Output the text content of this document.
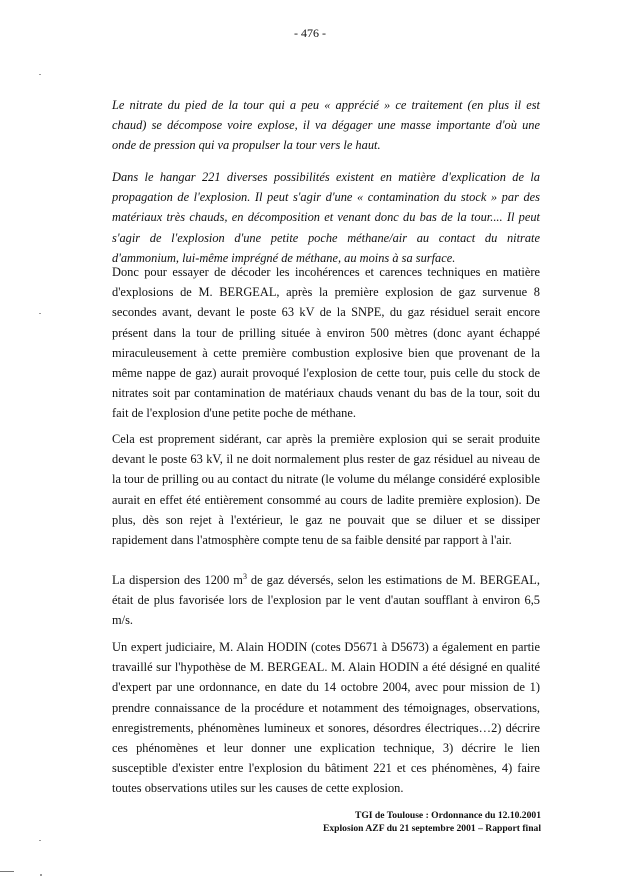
- 476 -

Le nitrate du pied de la tour qui a peu « apprécié » ce traitement (en plus il est chaud) se décompose voire explose, il va dégager une masse importante d'où une onde de pression qui va propulser la tour vers le haut.

Dans le hangar 221 diverses possibilités existent en matière d'explication de la propagation de l'explosion. Il peut s'agir d'une « contamination du stock » par des matériaux très chauds, en décomposition et venant donc du bas de la tour.... Il peut s'agir de l'explosion d'une petite poche méthane/air au contact du nitrate d'ammonium, lui-même imprégné de méthane, au moins à sa surface.

Donc pour essayer de décoder les incohérences et carences techniques en matière d'explosions de M. BERGEAL, après la première explosion de gaz survenue 8 secondes avant, devant le poste 63 kV de la SNPE, du gaz résiduel serait encore présent dans la tour de prilling située à environ 500 mètres (donc ayant échappé miraculeusement à cette première combustion explosive bien que provenant de la même nappe de gaz) aurait provoqué l'explosion de cette tour, puis celle du stock de nitrates soit par contamination de matériaux chauds venant du bas de la tour, soit du fait de l'explosion d'une petite poche de méthane.

Cela est proprement sidérant, car après la première explosion qui se serait produite devant le poste 63 kV, il ne doit normalement plus rester de gaz résiduel au niveau de la tour de prilling ou au contact du nitrate (le volume du mélange considéré explosible aurait en effet été entièrement consommé au cours de ladite première explosion). De plus, dès son rejet à l'extérieur, le gaz ne pouvait que se diluer et se dissiper rapidement dans l'atmosphère compte tenu de sa faible densité par rapport à l'air.

La dispersion des 1200 $m^3$ de gaz déversés, selon les estimations de M. BERGEAL, était de plus favorisée lors de l'explosion par le vent d'autan soufflant à environ 6,5 m/s.

Un expert judiciaire, M. Alain HODIN (cotes D5671 à D5673) a également en partie travaillé sur l'hypothèse de M. BERGEAL. M. Alain HODIN a été désigné en qualité d'expert par une ordonnance, en date du 14 octobre 2004, avec pour mission de 1) prendre connaissance de la procédure et notamment des témoignages, observations, enregistrements, phénomènes lumineux et sonores, désordres électriques…2) décrire ces phénomènes et leur donner une explication technique, 3) décrire le lien susceptible d'exister entre l'explosion du bâtiment 221 et ces phénomènes, 4) faire toutes observations utiles sur les causes de cette explosion.

TGI de Toulouse : Ordonnance du 12.10.2001
Explosion AZF du 21 septembre 2001 – Rapport final
